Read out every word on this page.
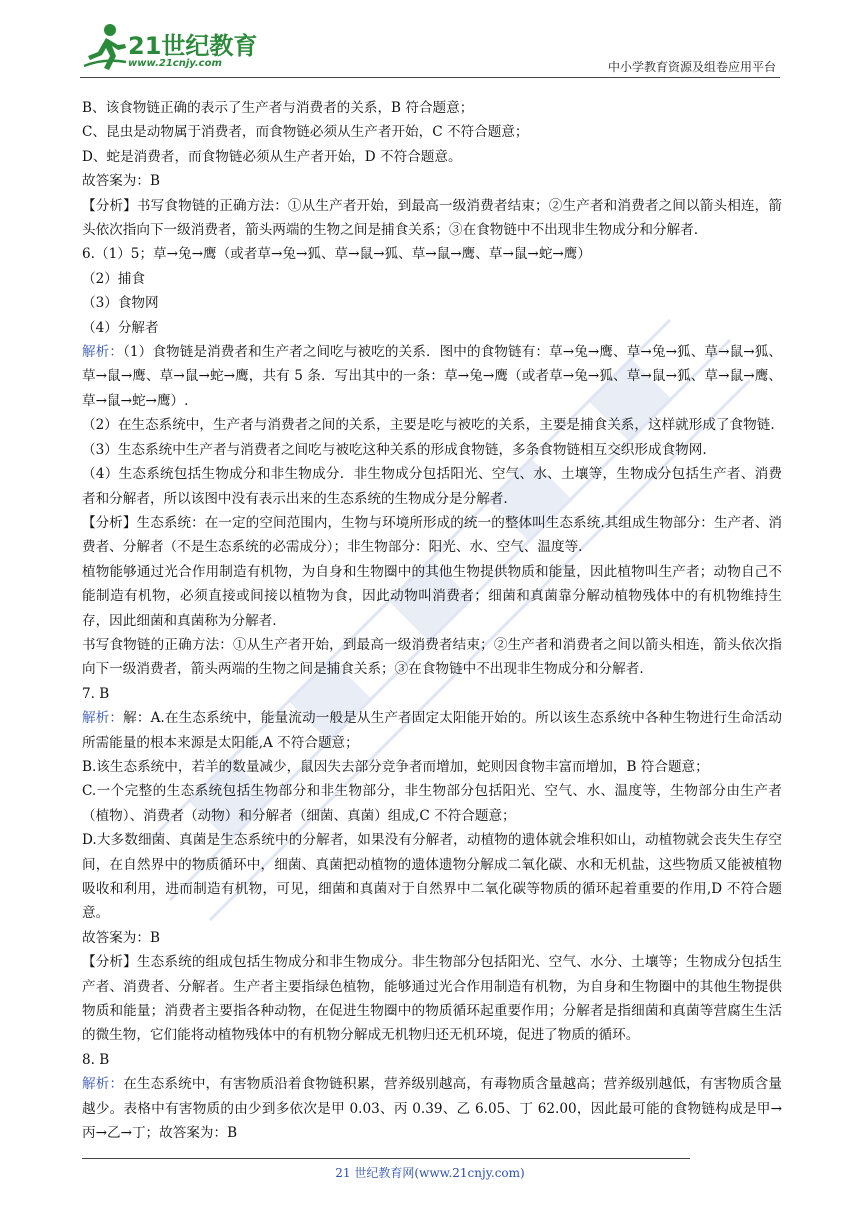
21世纪教育
www.21cnjy.com	中小学教育资源及组卷应用平台

B、该食物链正确的表示了生产者与消费者的关系，B 符合题意；

C、昆虫是动物属于消费者，而食物链必须从生产者开始，C 不符合题意；

D、蛇是消费者，而食物链必须从生产者开始，D 不符合题意。

故答案为：B

【分析】书写食物链的正确方法：①从生产者开始，到最高一级消费者结束；②生产者和消费者之间以箭头相连，箭头依次指向下一级消费者，箭头两端的生物之间是捕食关系；③在食物链中不出现非生物成分和分解者.

6.（1）5；草→兔→鹰（或者草→兔→狐、草→鼠→狐、草→鼠→鹰、草→鼠→蛇→鹰）

（2）捕食

（3）食物网

（4）分解者

解析：（1）食物链是消费者和生产者之间吃与被吃的关系．图中的食物链有：草→兔→鹰、草→兔→狐、草→鼠→狐、草→鼠→鹰、草→鼠→蛇→鹰，共有 5 条．写出其中的一条：草→兔→鹰（或者草→兔→狐、草→鼠→狐、草→鼠→鹰、草→鼠→蛇→鹰）.

（2）在生态系统中，生产者与消费者之间的关系，主要是吃与被吃的关系，主要是捕食关系，这样就形成了食物链.

（3）生态系统中生产者与消费者之间吃与被吃这种关系的形成食物链，多条食物链相互交织形成食物网.

（4）生态系统包括生物成分和非生物成分．非生物成分包括阳光、空气、水、土壤等，生物成分包括生产者、消费者和分解者，所以该图中没有表示出来的生态系统的生物成分是分解者.

【分析】生态系统：在一定的空间范围内，生物与环境所形成的统一的整体叫生态系统.其组成生物部分：生产者、消费者、分解者（不是生态系统的必需成分）；非生物部分：阳光、水、空气、温度等.

植物能够通过光合作用制造有机物，为自身和生物圈中的其他生物提供物质和能量，因此植物叫生产者；动物自己不能制造有机物，必须直接或间接以植物为食，因此动物叫消费者；细菌和真菌靠分解动植物残体中的有机物维持生存，因此细菌和真菌称为分解者.

书写食物链的正确方法：①从生产者开始，到最高一级消费者结束；②生产者和消费者之间以箭头相连，箭头依次指向下一级消费者，箭头两端的生物之间是捕食关系；③在食物链中不出现非生物成分和分解者.

7. B

解析：解：A.在生态系统中，能量流动一般是从生产者固定太阳能开始的。所以该生态系统中各种生物进行生命活动所需能量的根本来源是太阳能,A 不符合题意；

B.该生态系统中，若羊的数量减少，鼠因失去部分竞争者而增加，蛇则因食物丰富而增加，B 符合题意；

C.一个完整的生态系统包括生物部分和非生物部分，非生物部分包括阳光、空气、水、温度等，生物部分由生产者（植物）、消费者（动物）和分解者（细菌、真菌）组成,C 不符合题意；

D.大多数细菌、真菌是生态系统中的分解者，如果没有分解者，动植物的遗体就会堆积如山，动植物就会丧失生存空间，在自然界中的物质循环中，细菌、真菌把动植物的遗体遗物分解成二氧化碳、水和无机盐，这些物质又能被植物吸收和利用，进而制造有机物，可见，细菌和真菌对于自然界中二氧化碳等物质的循环起着重要的作用,D 不符合题意。

故答案为：B

【分析】生态系统的组成包括生物成分和非生物成分。非生物部分包括阳光、空气、水分、土壤等；生物成分包括生产者、消费者、分解者。生产者主要指绿色植物，能够通过光合作用制造有机物，为自身和生物圈中的其他生物提供物质和能量；消费者主要指各种动物，在促进生物圈中的物质循环起重要作用；分解者是指细菌和真菌等营腐生生活的微生物，它们能将动植物残体中的有机物分解成无机物归还无机环境，促进了物质的循环。

8. B

解析：在生态系统中，有害物质沿着食物链积累，营养级别越高，有毒物质含量越高；营养级别越低，有害物质含量越少。表格中有害物质的由少到多依次是甲 0.03、丙 0.39、乙 6.05、丁 62.00，因此最可能的食物链构成是甲→丙→乙→丁；故答案为：B

21 世纪教育网(www.21cnjy.com)
